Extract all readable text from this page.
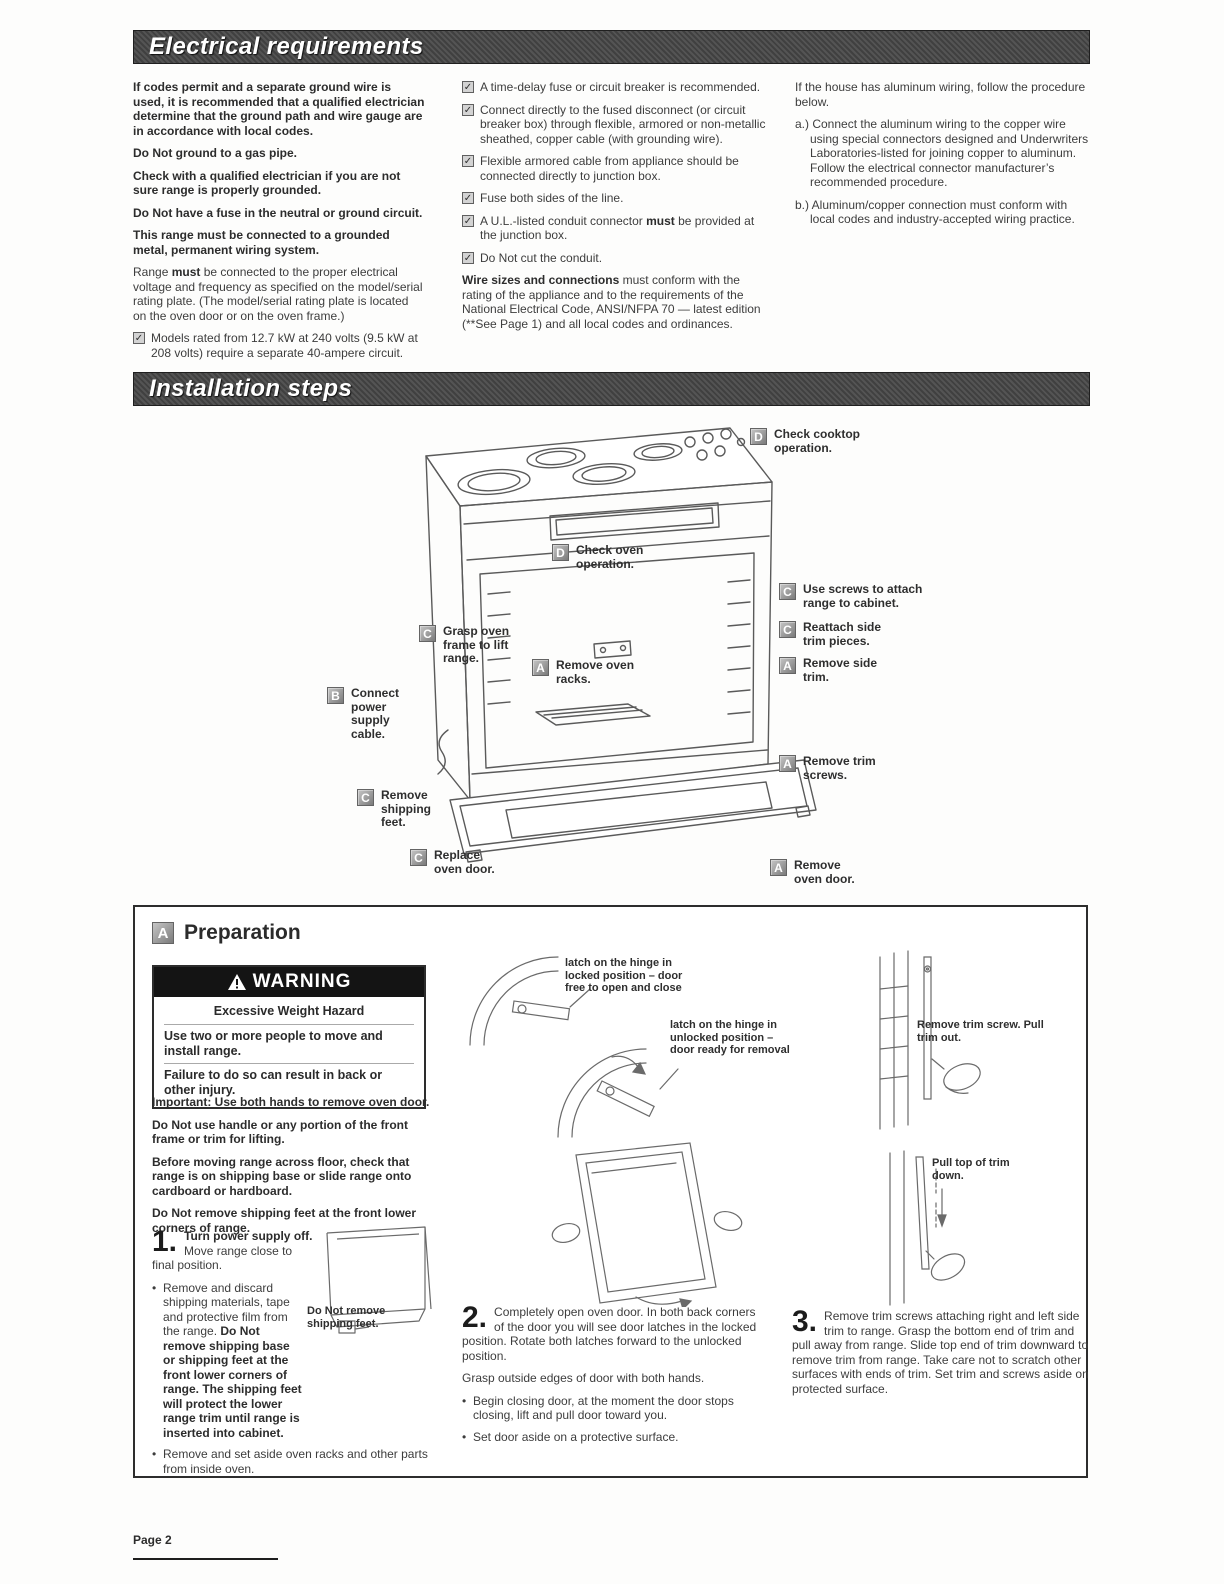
Electrical requirements

If codes permit and a separate ground wire is used, it is recommended that a qualified electrician determine that the ground path and wire gauge are in accordance with local codes.

Do Not ground to a gas pipe.

Check with a qualified electrician if you are not sure range is properly grounded.

Do Not have a fuse in the neutral or ground circuit.

This range must be connected to a grounded metal, permanent wiring system.

Range must be connected to the proper electrical voltage and frequency as specified on the model/serial rating plate. (The model/serial rating plate is located on the oven door or on the oven frame.)

✓ Models rated from 12.7 kW at 240 volts (9.5 kW at 208 volts) require a separate 40-ampere circuit.
✓ A time-delay fuse or circuit breaker is recommended.
✓ Connect directly to the fused disconnect (or circuit breaker box) through flexible, armored or non-metallic sheathed, copper cable (with grounding wire).
✓ Flexible armored cable from appliance should be connected directly to junction box.
✓ Fuse both sides of the line.
✓ A U.L.-listed conduit connector must be provided at the junction box.
✓ Do Not cut the conduit.

Wire sizes and connections must conform with the rating of the appliance and to the requirements of the National Electrical Code, ANSI/NFPA 70 — latest edition (**See Page 1) and all local codes and ordinances.

If the house has aluminum wiring, follow the procedure below.

a.) Connect the aluminum wiring to the copper wire using special connectors designed and Underwriters Laboratories-listed for joining copper to aluminum. Follow the electrical connector manufacturer’s recommended procedure.

b.) Aluminum/copper connection must conform with local codes and industry-accepted wiring practice.

Installation steps
D Check cooktop operation.
D Check oven operation.
C Use screws to attach range to cabinet.
C Reattach side trim pieces.
A Remove side trim.
C Grasp oven frame to lift range.
A Remove oven racks.
B Connect power supply cable.
A Remove trim screws.
C Remove shipping feet.
C Replace oven door.	A Remove oven door.
A Preparation
WARNING
Excessive Weight Hazard
Use two or more people to move and install range.
Failure to do so can result in back or other injury.

Important: Use both hands to remove oven door.

Do Not use handle or any portion of the front frame or trim for lifting.

Before moving range across floor, check that range is on shipping base or slide range onto cardboard or hardboard.

Do Not remove shipping feet at the front lower corners of range.

1. Turn power supply off. Move range close to final position.

• Remove and discard shipping materials, tape and protective film from the range. Do Not remove shipping base or shipping feet at the front lower corners of range. The shipping feet will protect the lower range trim until range is inserted into cabinet.
• Remove and set aside oven racks and other parts from inside oven.
Do Not remove shipping feet.
latch on the hinge in locked position – door free to open and close
latch on the hinge in unlocked position – door ready for removal
2. Completely open oven door. In both back corners of the door you will see door latches in the locked position. Rotate both latches forward to the unlocked position.

Grasp outside edges of door with both hands.

• Begin closing door, at the moment the door stops closing, lift and pull door toward you.
• Set door aside on a protective surface.
Remove trim screw. Pull trim out.
Pull top of trim down.
3. Remove trim screws attaching right and left side trim to range. Grasp the bottom end of trim and pull away from range. Slide top end of trim downward to remove trim from range. Take care not to scratch other surfaces with ends of trim. Set trim and screws aside on protected surface.

Page 2
